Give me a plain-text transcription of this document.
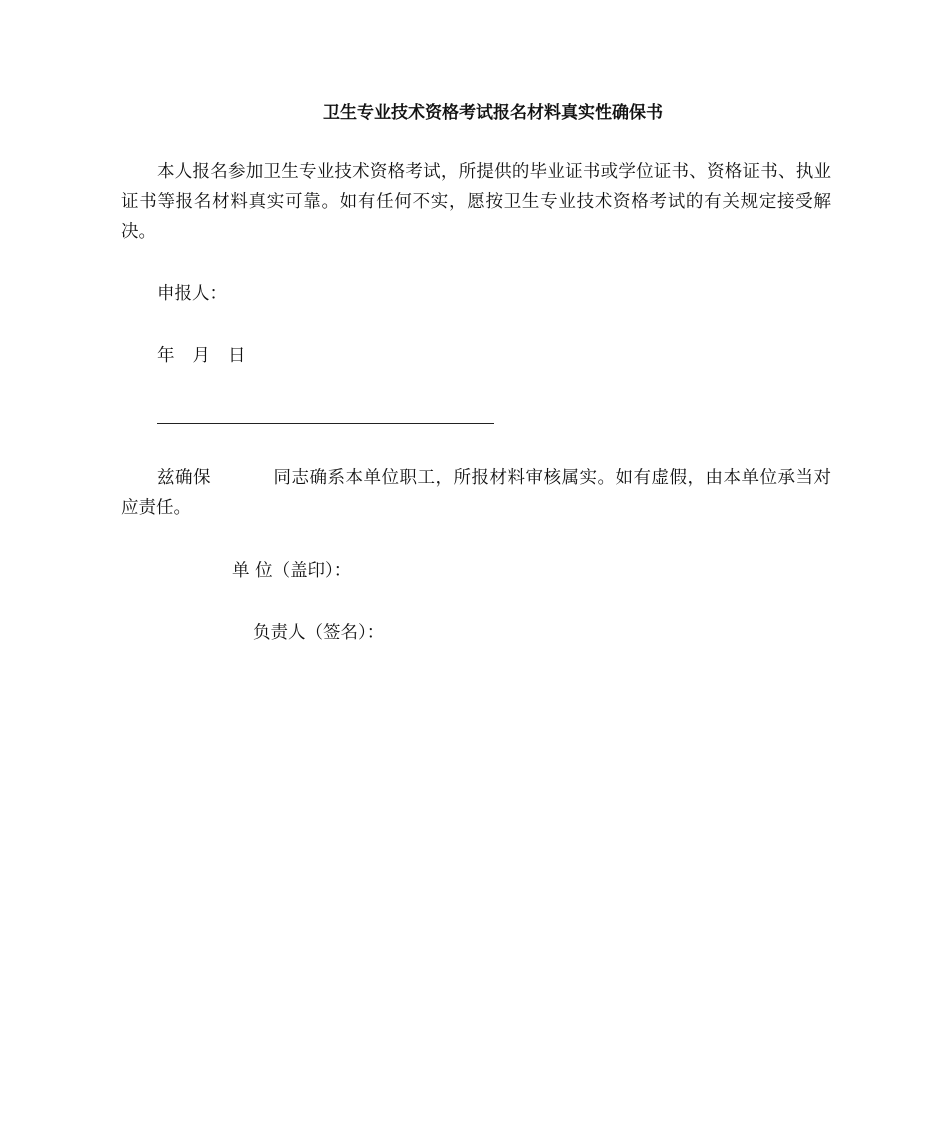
卫生专业技术资格考试报名材料真实性确保书
本人报名参加卫生专业技术资格考试，所提供的毕业证书或学位证书、资格证书、执业证书等报名材料真实可靠。如有任何不实，愿按卫生专业技术资格考试的有关规定接受解决。
申报人：
年 月 日
兹确保	同志确系本单位职工，所报材料审核属实。如有虚假，由本单位承当对应责任。
单 位（盖印）：
负责人（签名）：
